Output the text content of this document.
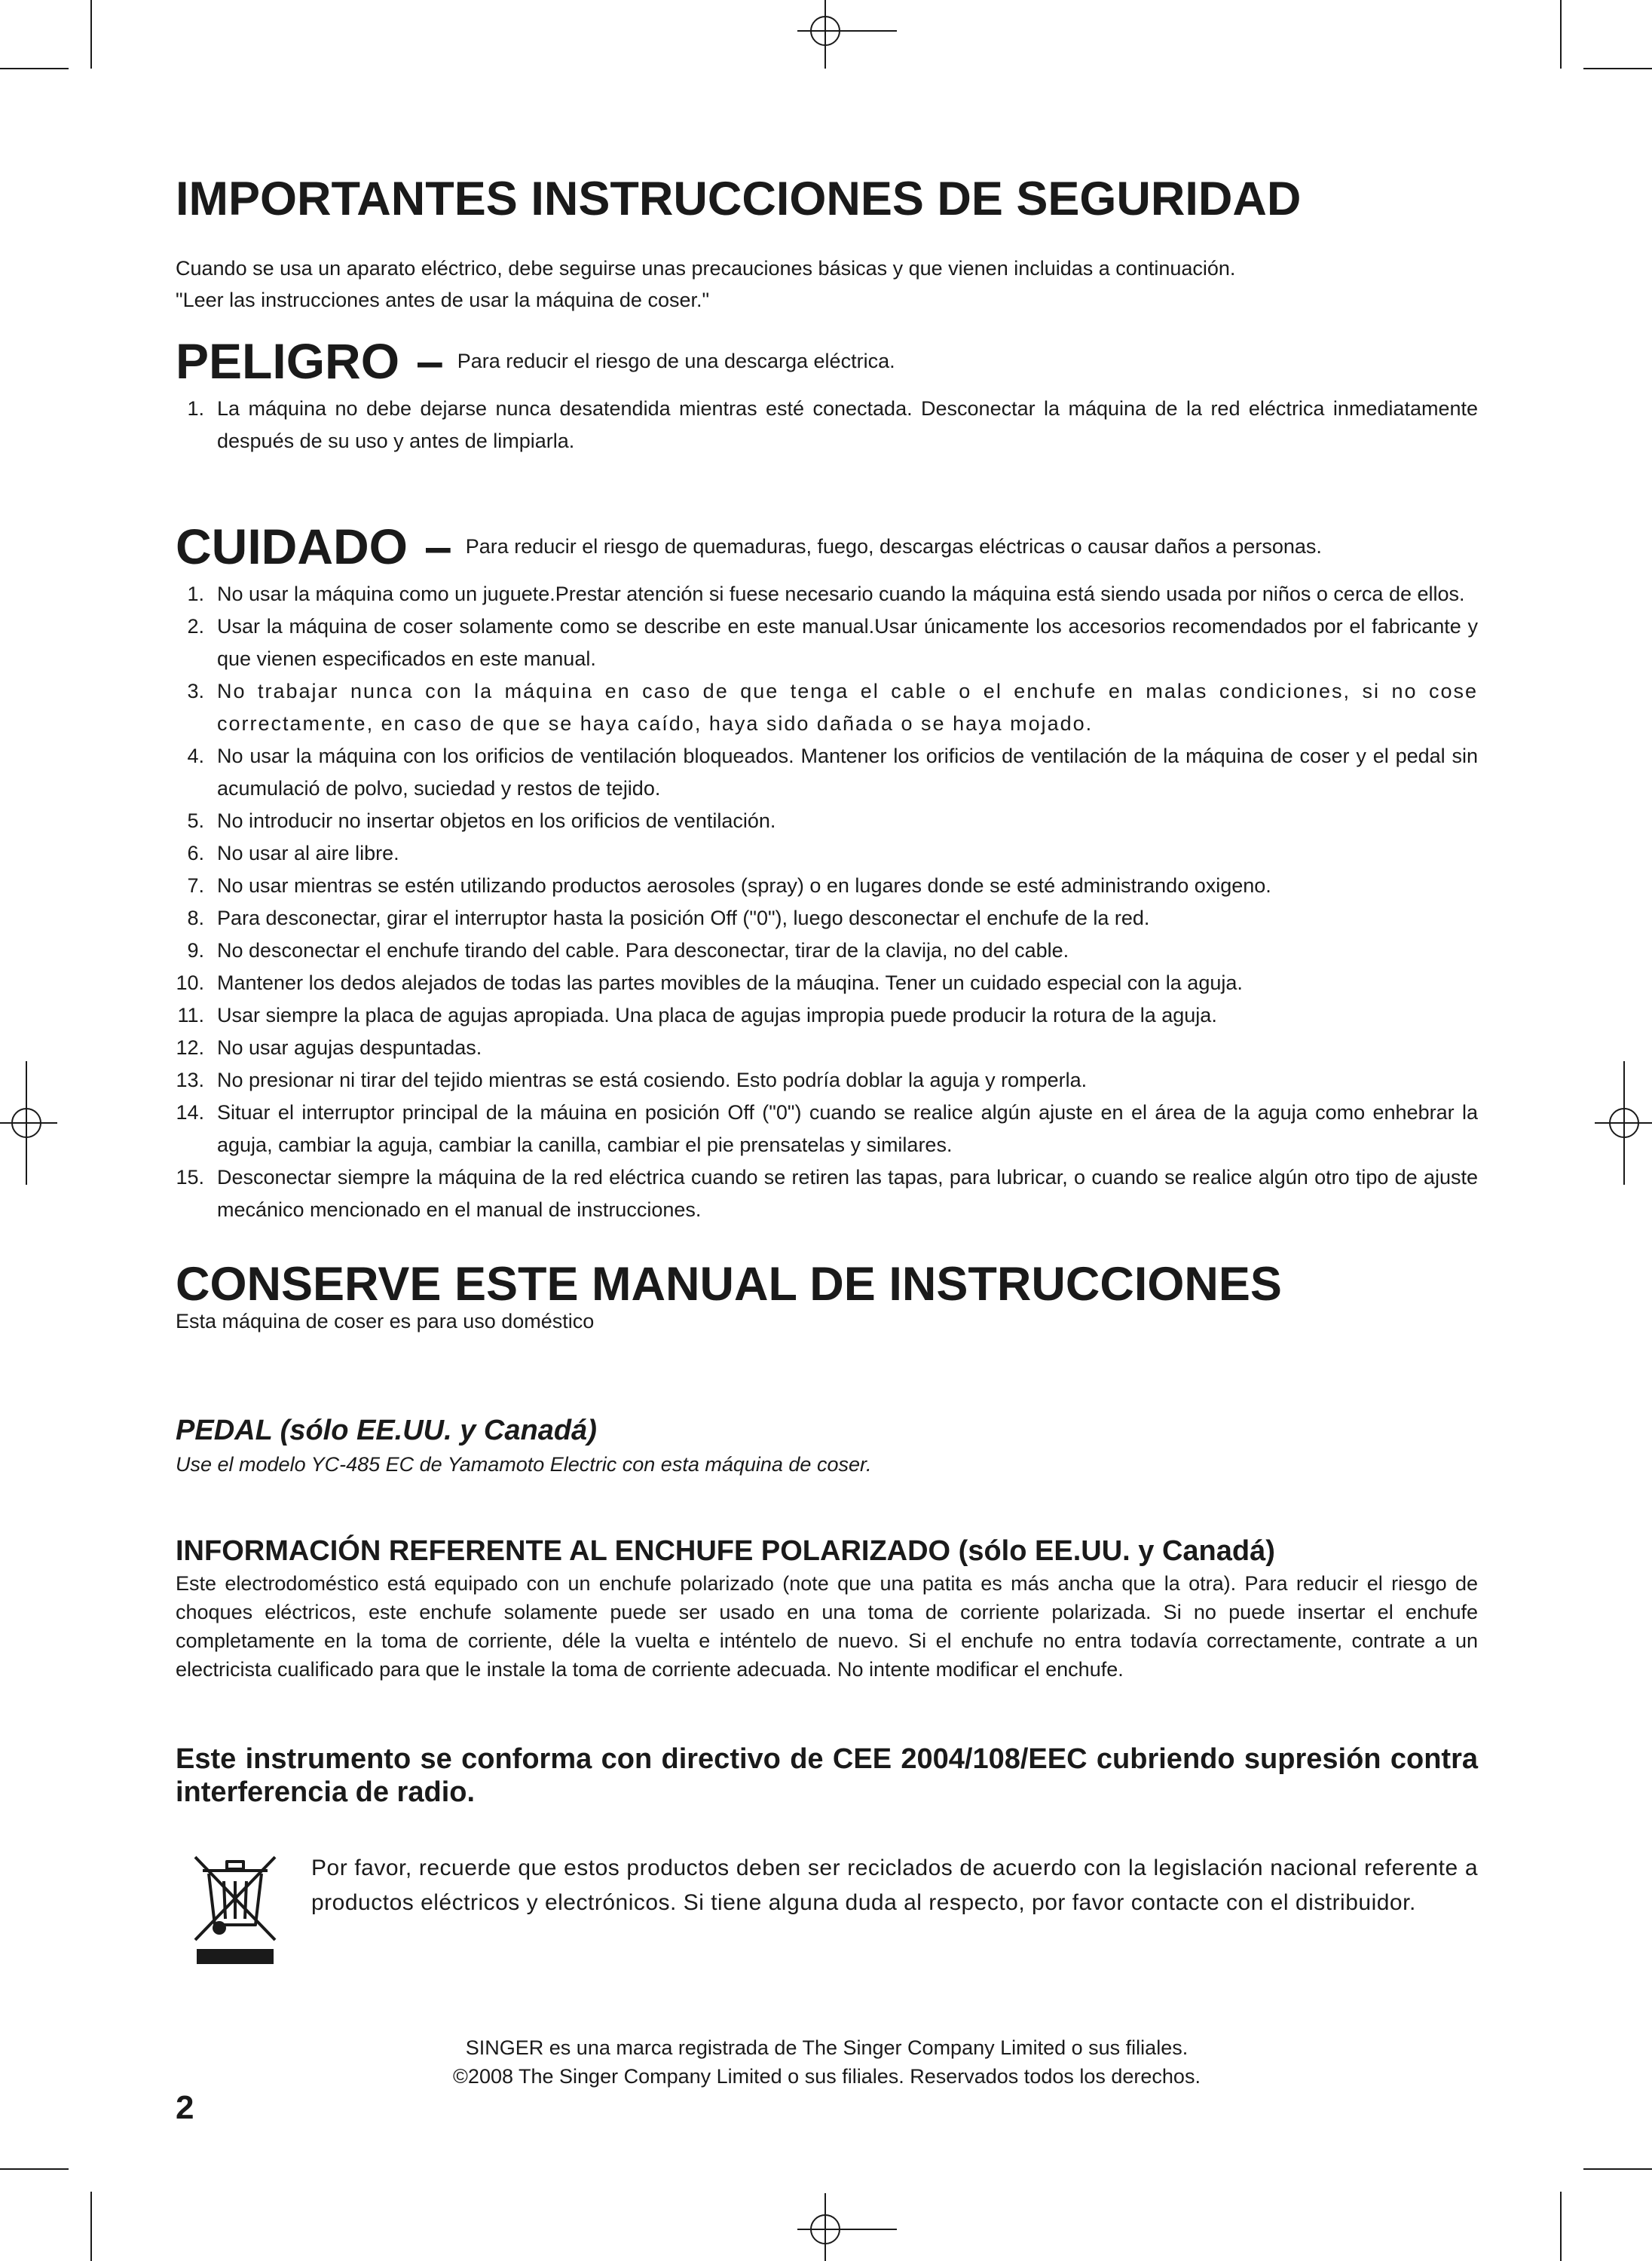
IMPORTANTES INSTRUCCIONES DE SEGURIDAD
Cuando se usa un aparato eléctrico, debe seguirse unas precauciones básicas y que vienen incluidas a continuación.
"Leer las instrucciones antes de usar la máquina de coser."
PELIGRO – Para reducir el riesgo de una descarga eléctrica.
1. La máquina no debe dejarse nunca desatendida mientras esté conectada. Desconectar la máquina de la red eléctrica inmediatamente después de su uso y antes de limpiarla.
CUIDADO – Para reducir el riesgo de quemaduras, fuego, descargas eléctricas o causar daños a personas.
1. No usar la máquina como un juguete.Prestar atención si fuese necesario cuando la máquina está siendo usada por niños o cerca de ellos.
2. Usar la máquina de coser solamente como se describe en este manual.Usar únicamente los accesorios recomendados por el fabricante y que vienen especificados en este manual.
3. No trabajar nunca con la máquina en caso de que tenga el cable o el enchufe en malas condiciones, si no cose correctamente, en caso de que se haya caído, haya sido dañada o se haya mojado.
4. No usar la máquina con los orificios de ventilación bloqueados. Mantener los orificios de ventilación de la máquina de coser y el pedal sin acumulació de polvo, suciedad y restos de tejido.
5. No introducir no insertar objetos en los orificios de ventilación.
6. No usar al aire libre.
7. No usar mientras se estén utilizando productos aerosoles (spray) o en lugares donde se esté administrando oxigeno.
8. Para desconectar, girar el interruptor hasta la posición Off ("0"), luego desconectar el enchufe de la red.
9. No desconectar el enchufe tirando del cable. Para desconectar, tirar de la clavija, no del cable.
10. Mantener los dedos alejados de todas las partes movibles de la máuqina. Tener un cuidado especial con la aguja.
11. Usar siempre la placa de agujas apropiada. Una placa de agujas impropia puede producir la rotura de la aguja.
12. No usar agujas despuntadas.
13. No presionar ni tirar del tejido mientras se está cosiendo. Esto podría doblar la aguja y romperla.
14. Situar el interruptor principal de la máuina en posición Off ("0") cuando se realice algún ajuste en el área de la aguja como enhebrar la aguja, cambiar la aguja, cambiar la canilla, cambiar el pie prensatelas y similares.
15. Desconectar siempre la máquina de la red eléctrica cuando se retiren las tapas, para lubricar, o cuando se realice algún otro tipo de ajuste mecánico mencionado en el manual de instrucciones.
CONSERVE ESTE MANUAL DE INSTRUCCIONES
Esta máquina de coser es para uso doméstico
PEDAL (sólo EE.UU. y Canadá)
Use el modelo YC-485 EC de Yamamoto Electric con esta máquina de coser.
INFORMACIÓN REFERENTE AL ENCHUFE POLARIZADO (sólo EE.UU. y Canadá)
Este electrodoméstico está equipado con un enchufe polarizado (note que una patita es más ancha que la otra). Para reducir el riesgo de choques eléctricos, este enchufe solamente puede ser usado en una toma de corriente polarizada. Si no puede insertar el enchufe completamente en la toma de corriente, déle la vuelta e inténtelo de nuevo. Si el enchufe no entra todavía correctamente, contrate a un electricista cualificado para que le instale la toma de corriente adecuada. No intente modificar el enchufe.
Este instrumento se conforma con directivo de CEE 2004/108/EEC cubriendo supresión contra interferencia de radio.
Por favor, recuerde que estos productos deben ser reciclados de acuerdo con la legislación nacional referente a productos eléctricos y electrónicos. Si tiene alguna duda al respecto, por favor contacte con el distribuidor.
SINGER es una marca registrada de The Singer Company Limited o sus filiales.
©2008 The Singer Company Limited o sus filiales. Reservados todos los derechos.
2
